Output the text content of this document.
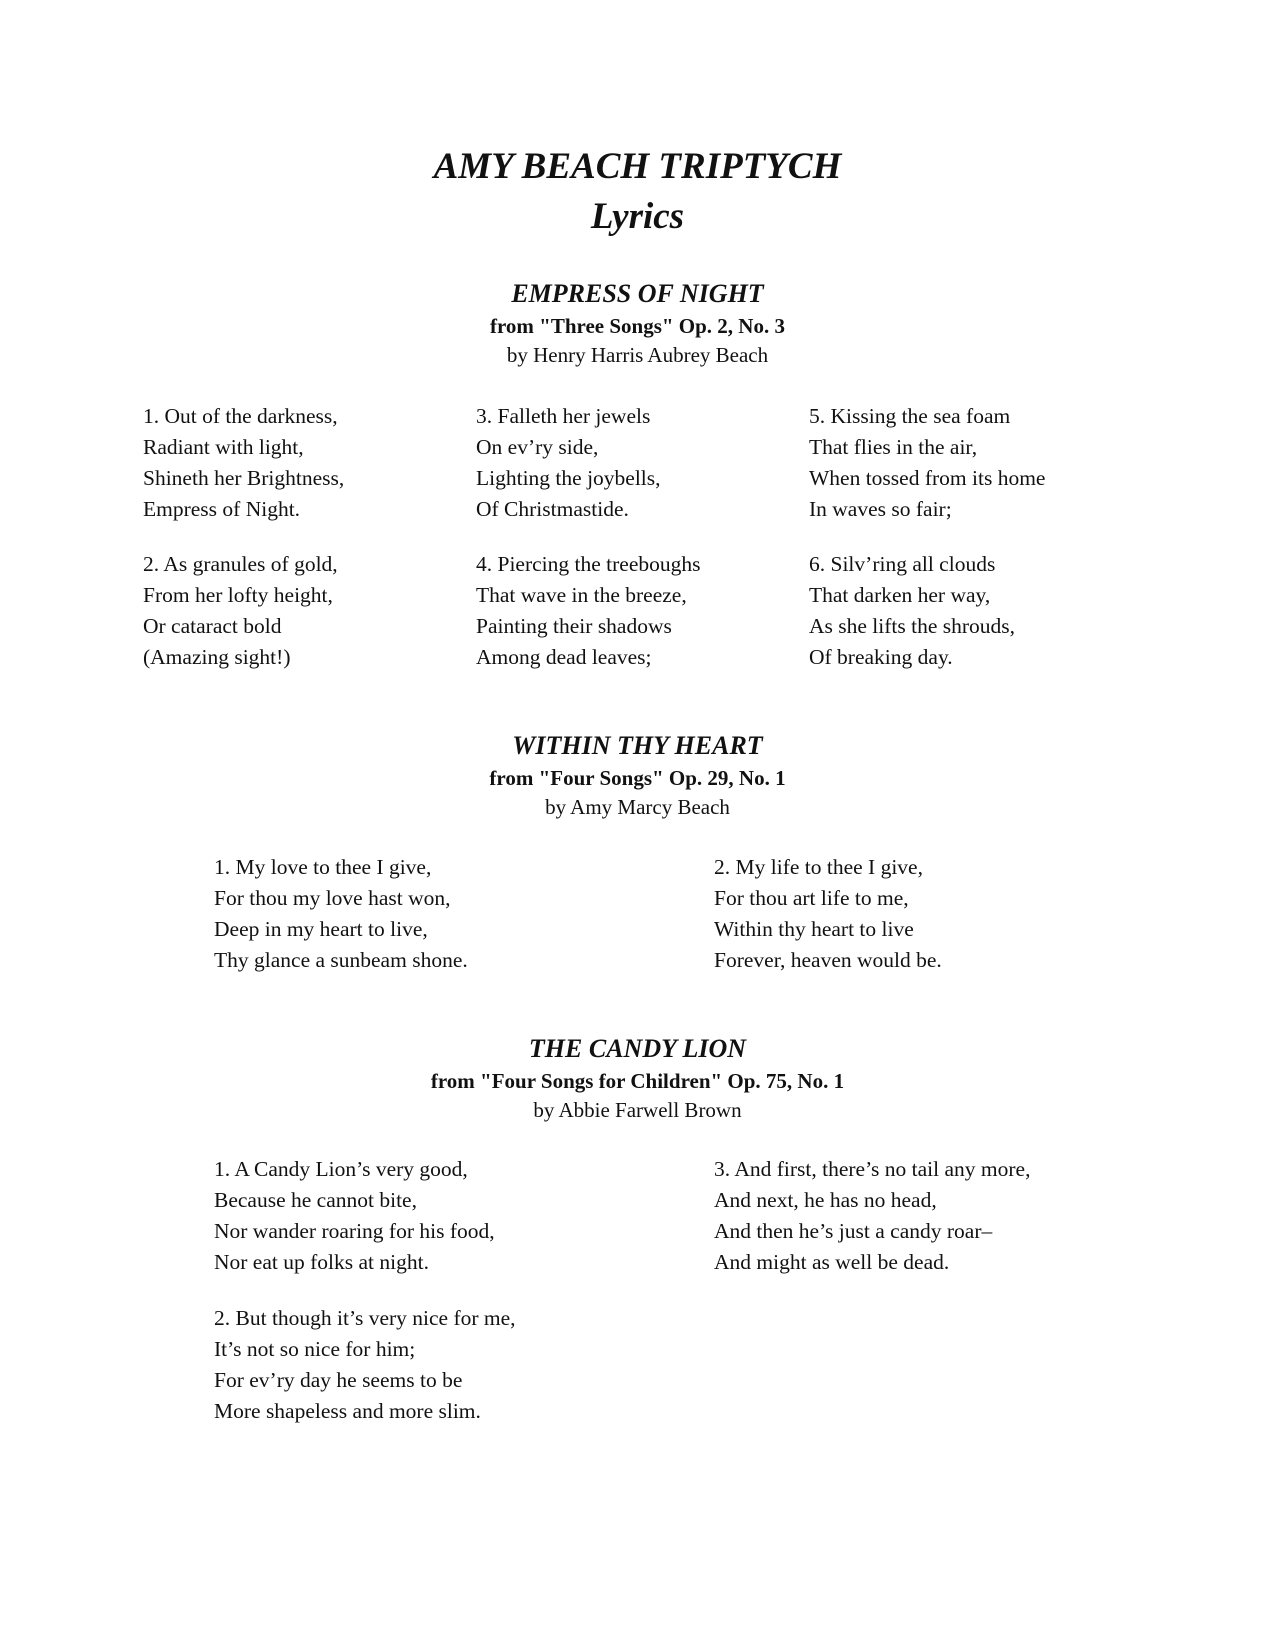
AMY BEACH TRIPTYCH
Lyrics
EMPRESS OF NIGHT
from "Three Songs" Op. 2, No. 3
by Henry Harris Aubrey Beach
1. Out of the darkness,
Radiant with light,
Shineth her Brightness,
Empress of Night.
2. As granules of gold,
From her lofty height,
Or cataract bold
(Amazing sight!)
3. Falleth her jewels
On ev’ry side,
Lighting the joybells,
Of Christmastide.
4. Piercing the treeboughs
That wave in the breeze,
Painting their shadows
Among dead leaves;
5. Kissing the sea foam
That flies in the air,
When tossed from its home
In waves so fair;
6. Silv’ring all clouds
That darken her way,
As she lifts the shrouds,
Of breaking day.
WITHIN THY HEART
from "Four Songs" Op. 29, No. 1
by Amy Marcy Beach
1. My love to thee I give,
For thou my love hast won,
Deep in my heart to live,
Thy glance a sunbeam shone.
2. My life to thee I give,
For thou art life to me,
Within thy heart to live
Forever, heaven would be.
THE CANDY LION
from "Four Songs for Children" Op. 75, No. 1
by Abbie Farwell Brown
1. A Candy Lion’s very good,
Because he cannot bite,
Nor wander roaring for his food,
Nor eat up folks at night.
2. But though it’s very nice for me,
It’s not so nice for him;
For ev’ry day he seems to be
More shapeless and more slim.
3. And first, there’s no tail any more,
And next, he has no head,
And then he’s just a candy roar–
And might as well be dead.
